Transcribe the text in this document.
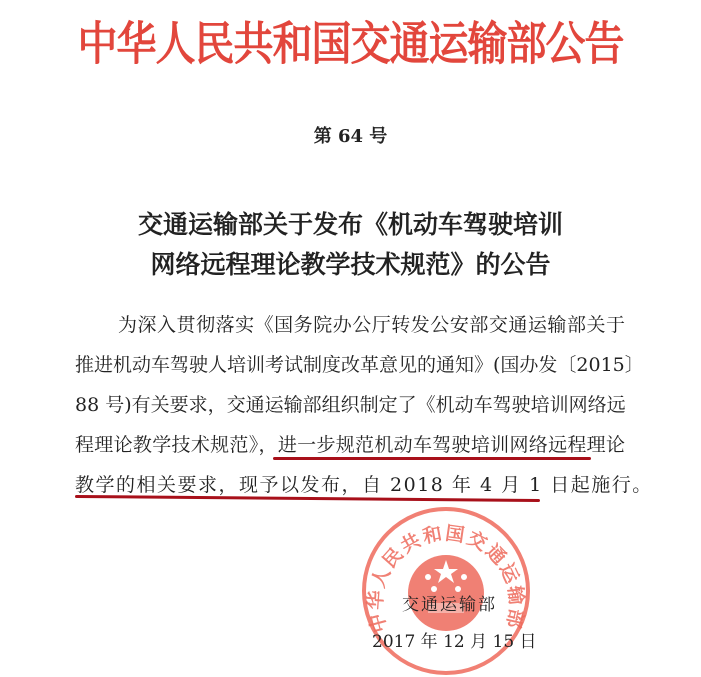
中华人民共和国交通运输部公告
第 64 号
交通运输部关于发布《机动车驾驶培训
网络远程理论教学技术规范》的公告
为深入贯彻落实《国务院办公厅转发公安部交通运输部关于
推进机动车驾驶人培训考试制度改革意见的通知》(国办发〔2015〕
88 号)有关要求，交通运输部组织制定了《机动车驾驶培训网络远
程理论教学技术规范》，进一步规范机动车驾驶培训网络远程理论
教学的相关要求，现予以发布，自 2018 年 4 月 1 日起施行。
中华人民共和国交通运输部
交通运输部
2017 年 12 月 15 日
